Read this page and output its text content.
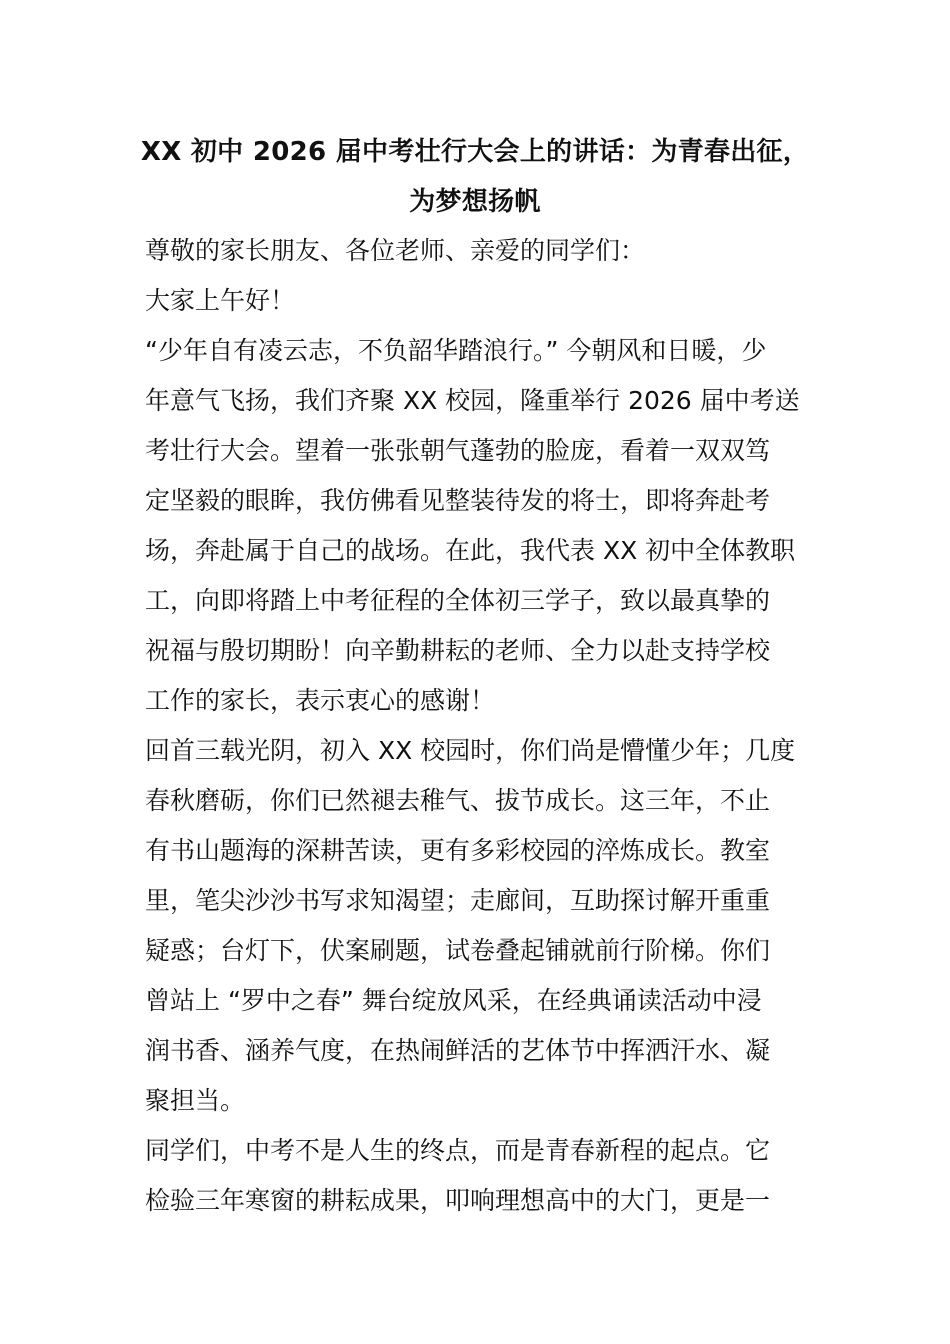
XX 初中 2026 届中考壮行大会上的讲话：为青春出征，
为梦想扬帆
尊敬的家长朋友、各位老师、亲爱的同学们：
大家上午好！
“少年自有凌云志，不负韶华踏浪行。” 今朝风和日暖，少
年意气飞扬，我们齐聚 XX 校园，隆重举行 2026 届中考送
考壮行大会。望着一张张朝气蓬勃的脸庞，看着一双双笃
定坚毅的眼眸，我仿佛看见整装待发的将士，即将奔赴考
场，奔赴属于自己的战场。在此，我代表 XX 初中全体教职
工，向即将踏上中考征程的全体初三学子，致以最真挚的
祝福与殷切期盼！向辛勤耕耘的老师、全力以赴支持学校
工作的家长，表示衷心的感谢！
回首三载光阴，初入 XX 校园时，你们尚是懵懂少年；几度
春秋磨砺，你们已然褪去稚气、拔节成长。这三年，不止
有书山题海的深耕苦读，更有多彩校园的淬炼成长。教室
里，笔尖沙沙书写求知渴望；走廊间，互助探讨解开重重
疑惑；台灯下，伏案刷题，试卷叠起铺就前行阶梯。你们
曾站上 “罗中之春” 舞台绽放风采，在经典诵读活动中浸
润书香、涵养气度，在热闹鲜活的艺体节中挥洒汗水、凝
聚担当。
同学们，中考不是人生的终点，而是青春新程的起点。它
检验三年寒窗的耕耘成果，叩响理想高中的大门，更是一
